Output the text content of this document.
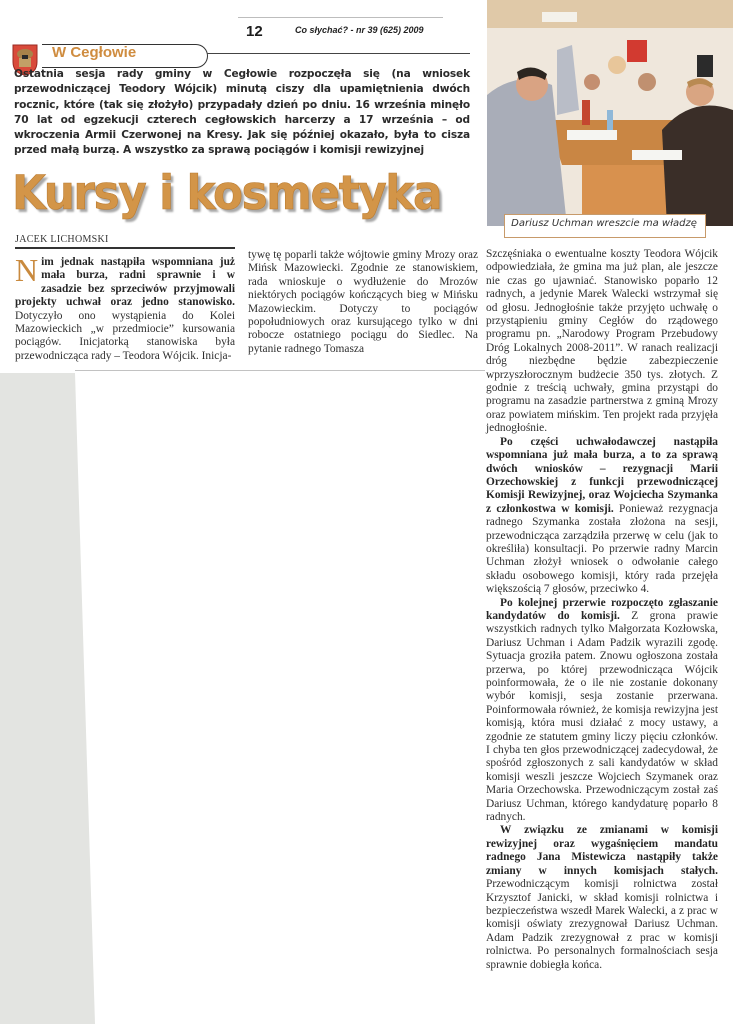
12	Co słychać? - nr 39 (625) 2009
W Cegłowie
Ostatnia sesja rady gminy w Cegłowie rozpoczęła się (na wniosek przewodniczącej Teodory Wójcik) minutą ciszy dla upamiętnienia dwóch rocznic, które (tak się złożyło) przypadały dzień po dniu. 16 września minęło 70 lat od egzekucji czterech cegłowskich harcerzy a 17 września – od wkroczenia Armii Czerwonej na Kresy. Jak się później okazało, była to cisza przed małą burzą. A wszystko za sprawą pociągów i komisji rewizyjnej
Kursy i kosmetyka
JACEK LICHOMSKI
Dariusz Uchman wreszcie ma władzę

Nim jednak nastąpiła wspomniana już mała burza, radni sprawnie i w zasadzie bez sprzeciwów przyjmowali projekty uchwał oraz jedno stanowisko. Dotyczyło ono wystąpienia do Kolei Mazowieckich „w przedmiocie” kursowania pociągów. Inicjatorką stanowiska była przewodnicząca rady – Teodora Wójcik. Inicja-

tywę tę poparli także wójtowie gminy Mrozy oraz Mińsk Mazowiecki. Zgodnie ze stanowiskiem, rada wnioskuje o wydłużenie do Mrozów niektórych pociągów kończących bieg w Mińsku Mazowieckim. Dotyczy to pociągów popołudniowych oraz kursującego tylko w dni robocze ostatniego pociągu do Siedlec. Na pytanie radnego Tomasza

Szczęśniaka o ewentualne koszty Teodora Wójcik odpowiedziała, że gmina ma już plan, ale jeszcze nie czas go ujawniać. Stanowisko poparło 12 radnych, a jedynie Marek Walecki wstrzymał się od głosu. Jednogłośnie także przyjęto uchwałę o przystąpieniu gminy Cegłów do rządowego programu pn. „Narodowy Program Przebudowy Dróg Lokalnych 2008-2011”. W ranach realizacji dróg niezbędne będzie zabezpieczenie wprzyszłorocznym budżecie 350 tys. złotych. Z godnie z treścią uchwały, gmina przystąpi do programu na zasadzie partnerstwa z gminą Mrozy oraz powiatem mińskim. Ten projekt rada przyjęła jednogłośnie.

Po części uchwałodawczej nastąpiła wspomniana już mała burza, a to za sprawą dwóch wniosków – rezygnacji Marii Orzechowskiej z funkcji przewodniczącej Komisji Rewizyjnej, oraz Wojciecha Szymanka z członkostwa w komisji. Ponieważ rezygnacja radnego Szymanka została złożona na sesji, przewodnicząca zarządziła przerwę w celu (jak to określiła) konsultacji. Po przerwie radny Marcin Uchman złożył wniosek o odwołanie całego składu osobowego komisji, który rada przejęła większością 7 głosów, przeciwko 4.

Po kolejnej przerwie rozpoczęto zgłaszanie kandydatów do komisji. Z grona prawie wszystkich radnych tylko Małgorzata Kozłowska, Dariusz Uchman i Adam Padzik wyrazili zgodę. Sytuacja groziła patem. Znowu ogłoszona została przerwa, po której przewodnicząca Wójcik poinformowała, że o ile nie zostanie dokonany wybór komisji, sesja zostanie przerwana. Poinformowała również, że komisja rewizyjna jest komisją, która musi działać z mocy ustawy, a zgodnie ze statutem gminy liczy pięciu członków. I chyba ten głos przewodniczącej zadecydował, że spośród zgłoszonych z sali kandydatów w skład komisji weszli jeszcze Wojciech Szymanek oraz Maria Orzechowska. Przewodniczącym został zaś Dariusz Uchman, którego kandydaturę poparło 8 radnych.

W związku ze zmianami w komisji rewizyjnej oraz wygaśnięciem mandatu radnego Jana Mistewicza nastąpiły także zmiany w innych komisjach stałych. Przewodniczącym komisji rolnictwa został Krzysztof Janicki, w skład komisji rolnictwa i bezpieczeństwa wszedł Marek Walecki, a z prac w komisji oświaty zrezygnował Dariusz Uchman. Adam Padzik zrezygnował z prac w komisji rolnictwa. Po personalnych formalnościach sesja sprawnie dobiegła końca.
